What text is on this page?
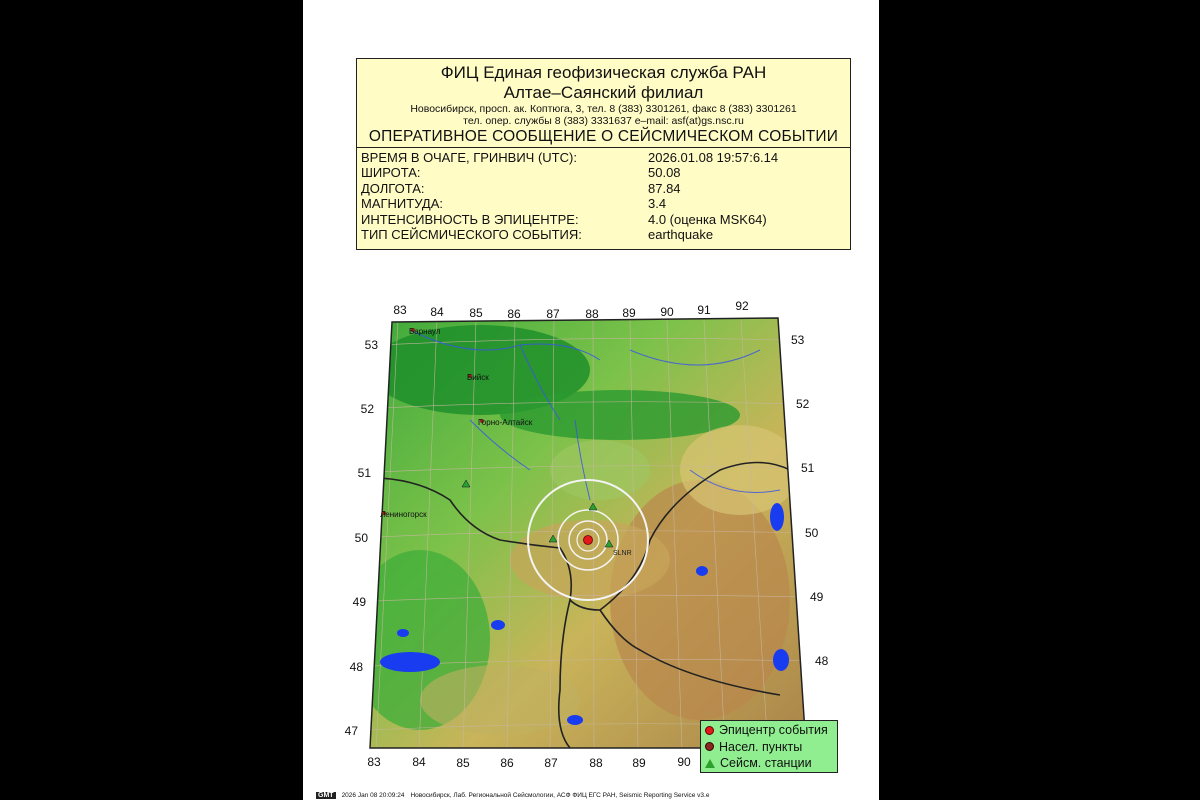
ФИЦ Единая геофизическая служба РАН
Алтае–Саянский филиал
Новосибирск, просп. ак. Коптюга, 3, тел. 8 (383) 3301261, факс 8 (383) 3301261
тел. опер. службы 8 (383) 3331637 e–mail: asf(at)gs.nsc.ru
ОПЕРАТИВНОЕ СООБЩЕНИЕ О СЕЙСМИЧЕСКОМ СОБЫТИИ
ВРЕМЯ В ОЧАГЕ, ГРИНВИЧ (UTC):	2026.01.08 19:57:6.14
ШИРОТА:	50.08
ДОЛГОТА:	87.84
МАГНИТУДА:	3.4
ИНТЕНСИВНОСТЬ В ЭПИЦЕНТРЕ:	4.0 (оценка MSK64)
ТИП СЕЙСМИЧЕСКОГО СОБЫТИЯ:	earthquake
83 84 85 86 87 88 89 90 91 92
83	84	85	86	87	88 89	90
53
52
51
50
49
48
47
53
52
51
50
49
48
Барнаул
Бийск
Горно-Алтайск
Лениногорск
SLNR
Эпицентр события
Насел. пункты
Сейсм. станции
GMT	2026 Jan 08 20:09:24 Новосибирск, Лаб. Региональной Сейсмологии, АСФ ФИЦ ЕГС РАН, Seismic Reporting Service v3.e
